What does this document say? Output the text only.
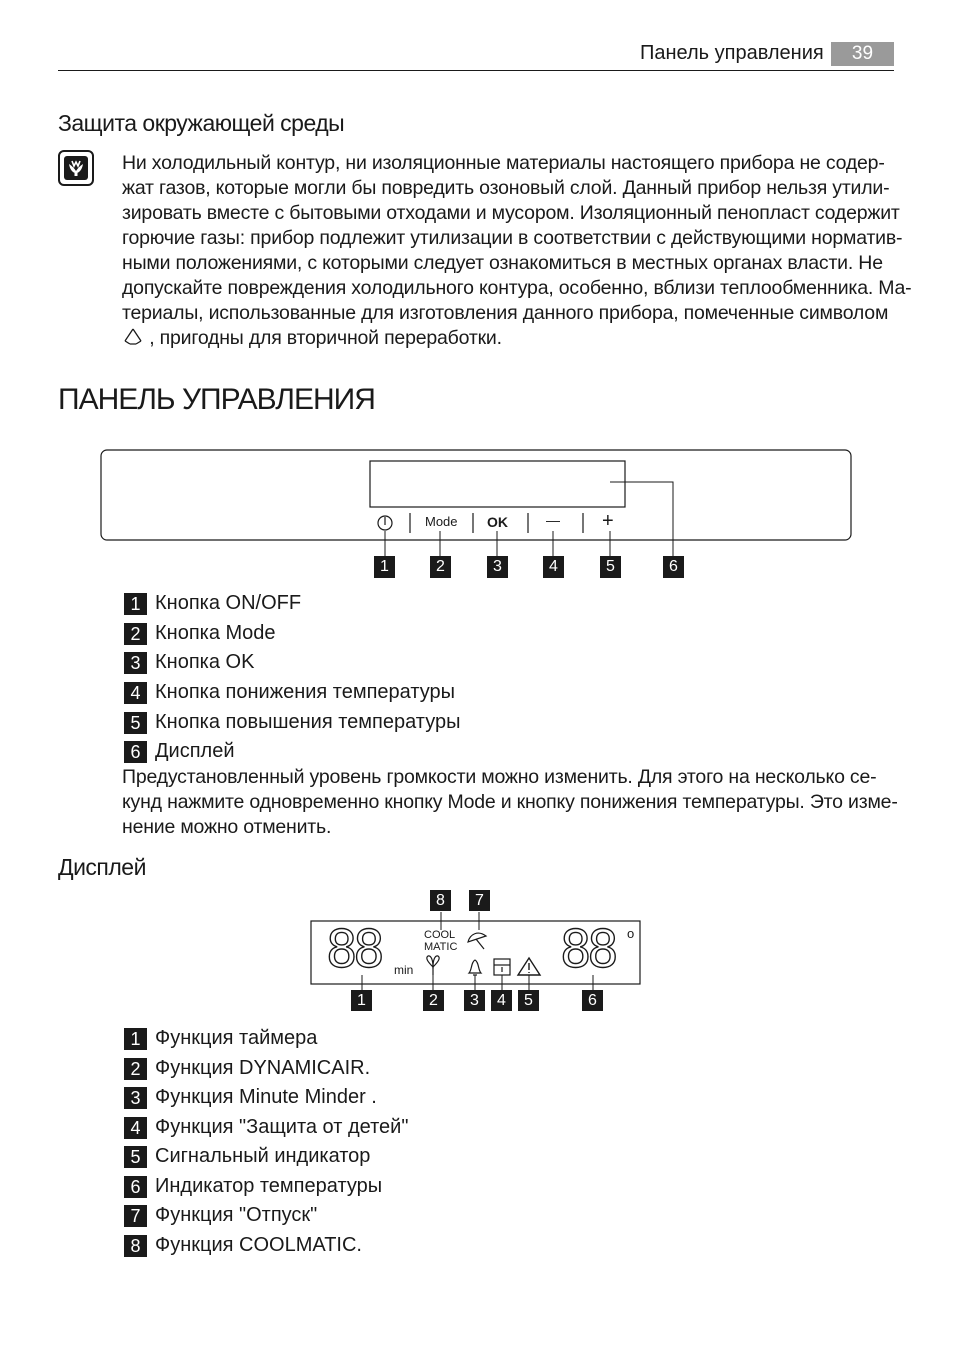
Панель управления	39
Защита окружающей среды
Ни холодильный контур, ни изоляционные материалы настоящего прибора не содер-
жат газов, которые могли бы повредить озоновый слой. Данный прибор нельзя утили-
зировать вместе с бытовыми отходами и мусором. Изоляционный пенопласт содержит
горючие газы: прибор подлежит утилизации в соответствии с действующими норматив-
ными положениями, с которыми следует ознакомиться в местных органах власти. Не
допускайте повреждения холодильного контура, особенно, вблизи теплообменника. Ма-
териалы, использованные для изготовления данного прибора, помеченные символом
, пригодны для вторичной переработки.
ПАНЕЛЬ УПРАВЛЕНИЯ
Mode OK	— +
1	2	3	4	5	6
1 Кнопка ON/OFF
2 Кнопка Mode
3 Кнопка OK
4 Кнопка понижения температуры
5 Кнопка повышения температуры
6 Дисплей
Предустановленный уровень громкости можно изменить. Для этого на несколько се-
кунд нажмите одновременно кнопку Mode и кнопку понижения температуры. Это изме-
нение можно отменить.
Дисплей
88 min
COOL
MATIC 88 o
8	7
1	2	3	4	5	6
1 Функция таймера
2 Функция DYNAMICAIR.
3 Функция Minute Minder .
4 Функция "Защита от детей"
5 Сигнальный индикатор
6 Индикатор температуры
7 Функция "Отпуск"
8 Функция COOLMATIC.
